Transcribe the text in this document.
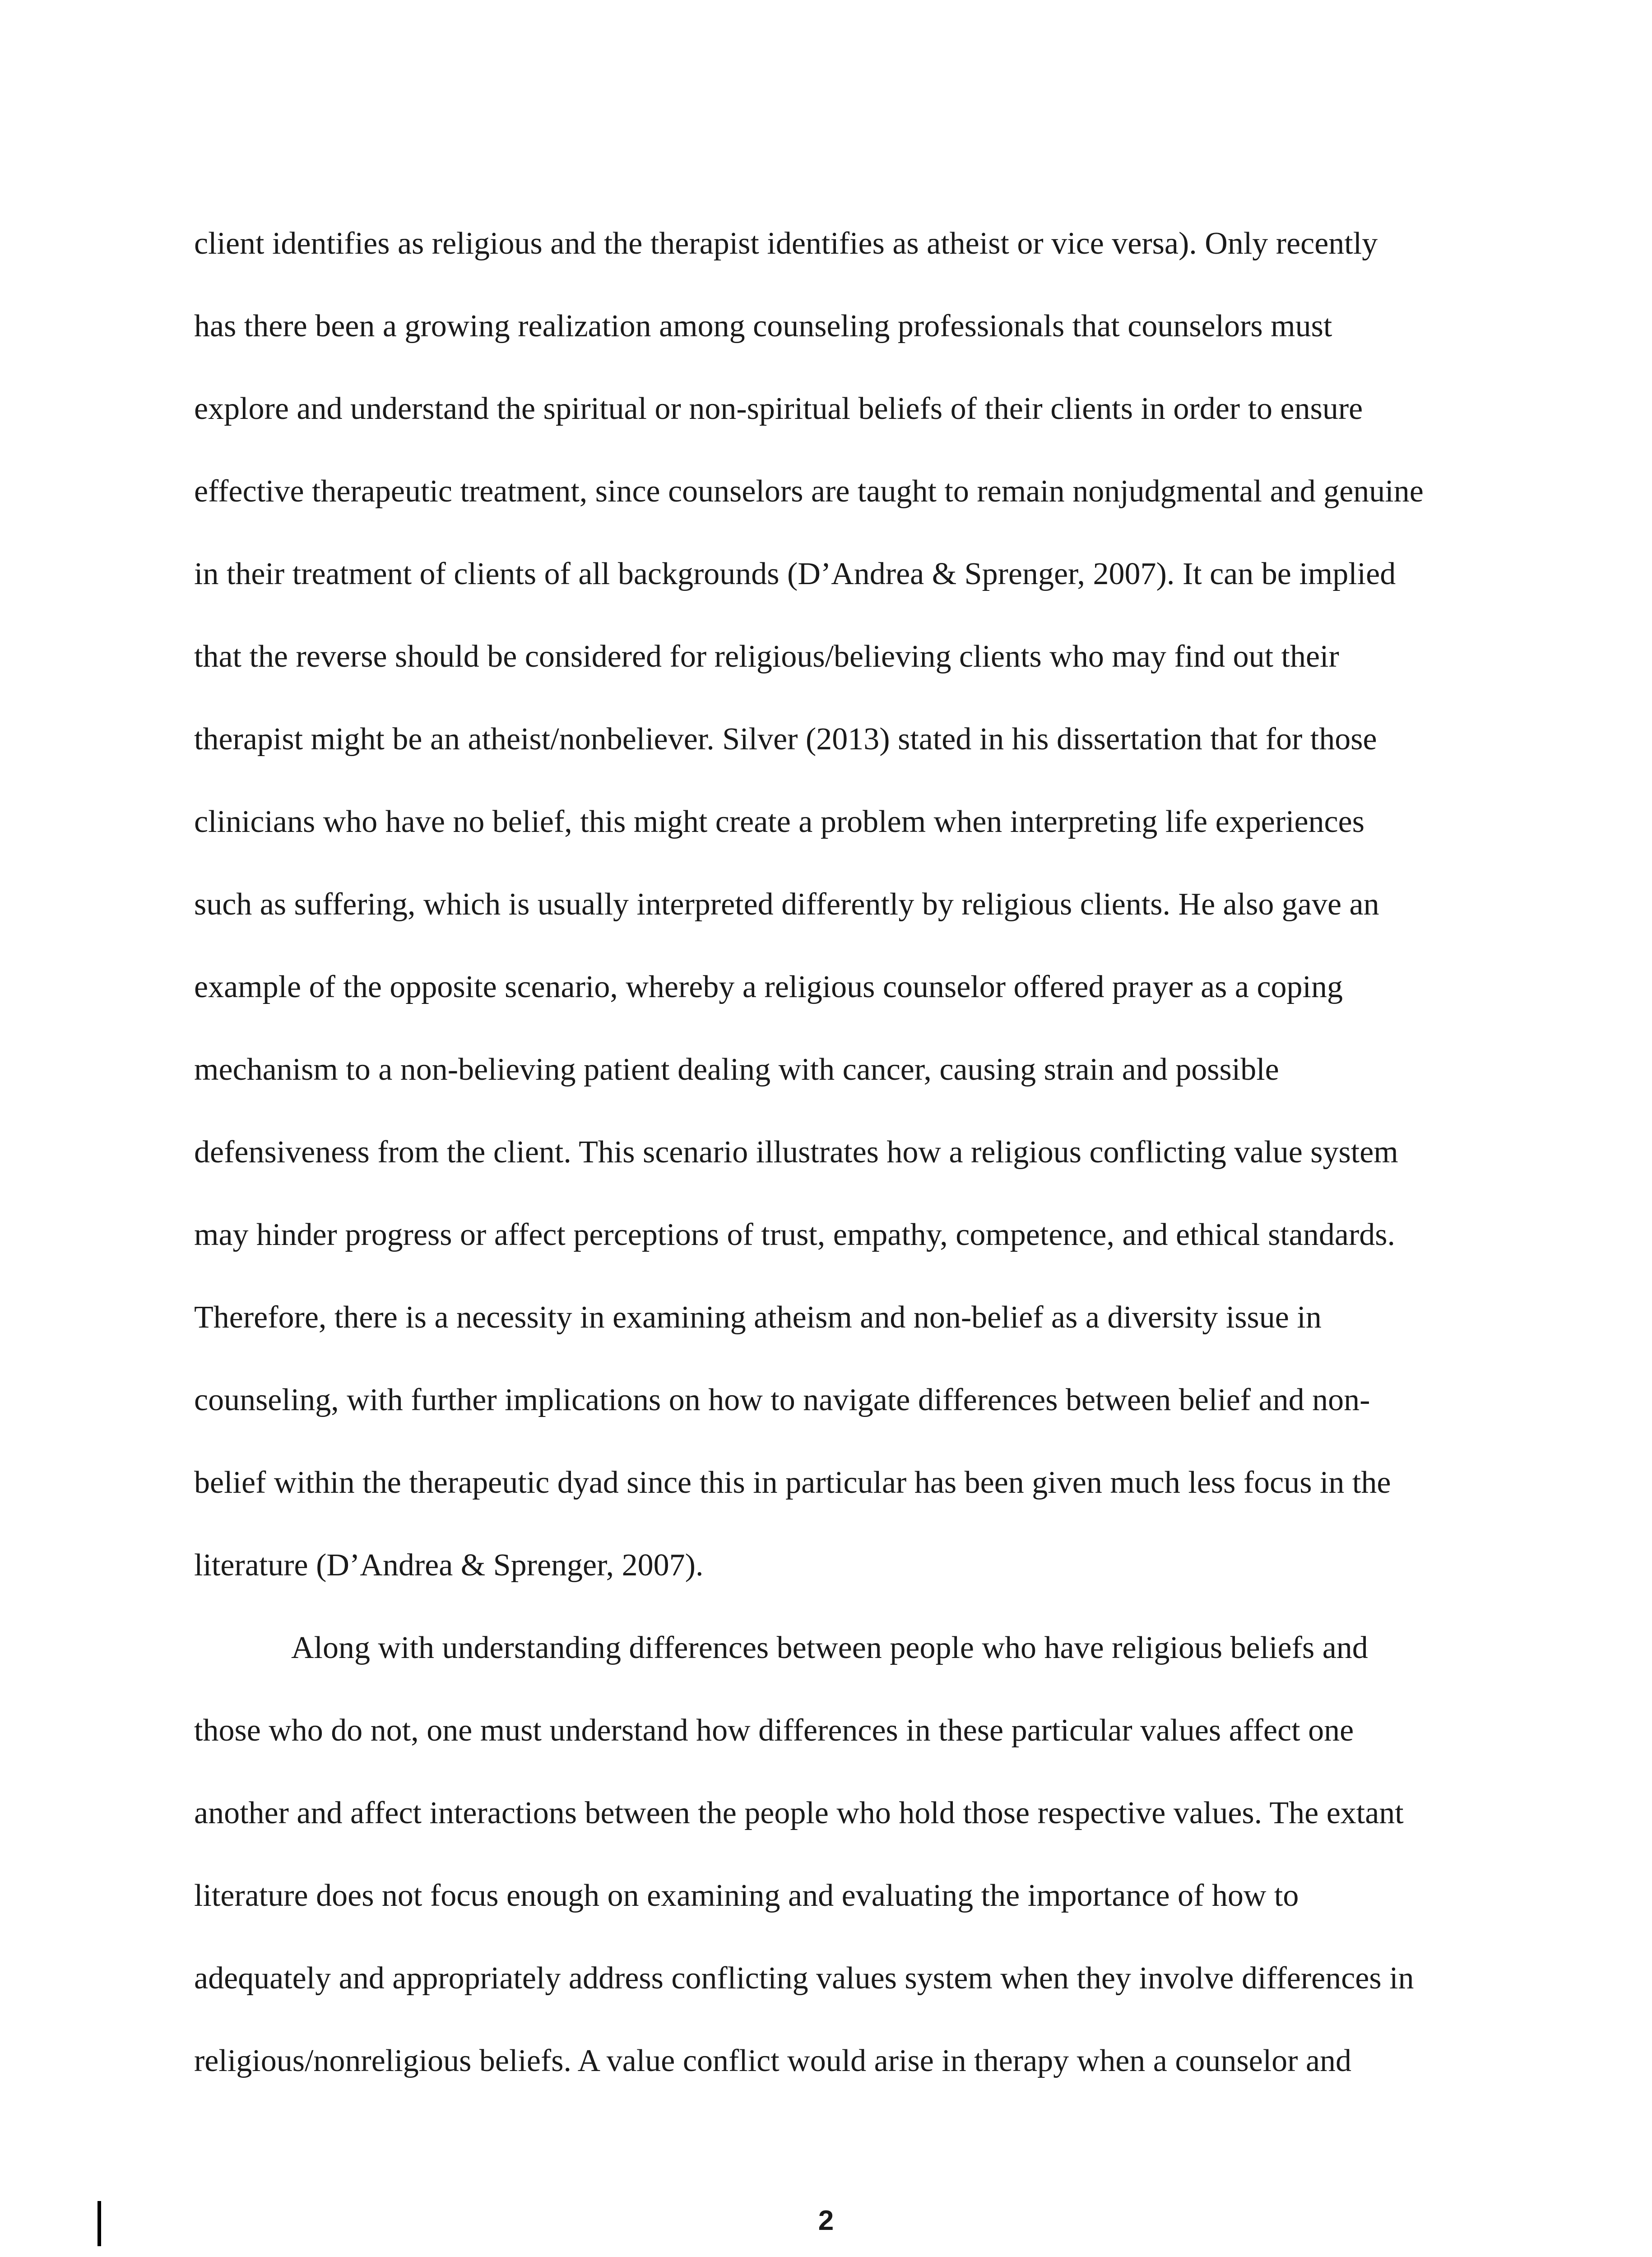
client identifies as religious and the therapist identifies as atheist or vice versa). Only recently
has there been a growing realization among counseling professionals that counselors must
explore and understand the spiritual or non-spiritual beliefs of their clients in order to ensure
effective therapeutic treatment, since counselors are taught to remain nonjudgmental and genuine
in their treatment of clients of all backgrounds (D’Andrea & Sprenger, 2007). It can be implied
that the reverse should be considered for religious/believing clients who may find out their
therapist might be an atheist/nonbeliever. Silver (2013) stated in his dissertation that for those
clinicians who have no belief, this might create a problem when interpreting life experiences
such as suffering, which is usually interpreted differently by religious clients. He also gave an
example of the opposite scenario, whereby a religious counselor offered prayer as a coping
mechanism to a non-believing patient dealing with cancer, causing strain and possible
defensiveness from the client. This scenario illustrates how a religious conflicting value system
may hinder progress or affect perceptions of trust, empathy, competence, and ethical standards.
Therefore, there is a necessity in examining atheism and non-belief as a diversity issue in
counseling, with further implications on how to navigate differences between belief and non-
belief within the therapeutic dyad since this in particular has been given much less focus in the
literature (D’Andrea & Sprenger, 2007).
Along with understanding differences between people who have religious beliefs and
those who do not, one must understand how differences in these particular values affect one
another and affect interactions between the people who hold those respective values. The extant
literature does not focus enough on examining and evaluating the importance of how to
adequately and appropriately address conflicting values system when they involve differences in
religious/nonreligious beliefs. A value conflict would arise in therapy when a counselor and
2
